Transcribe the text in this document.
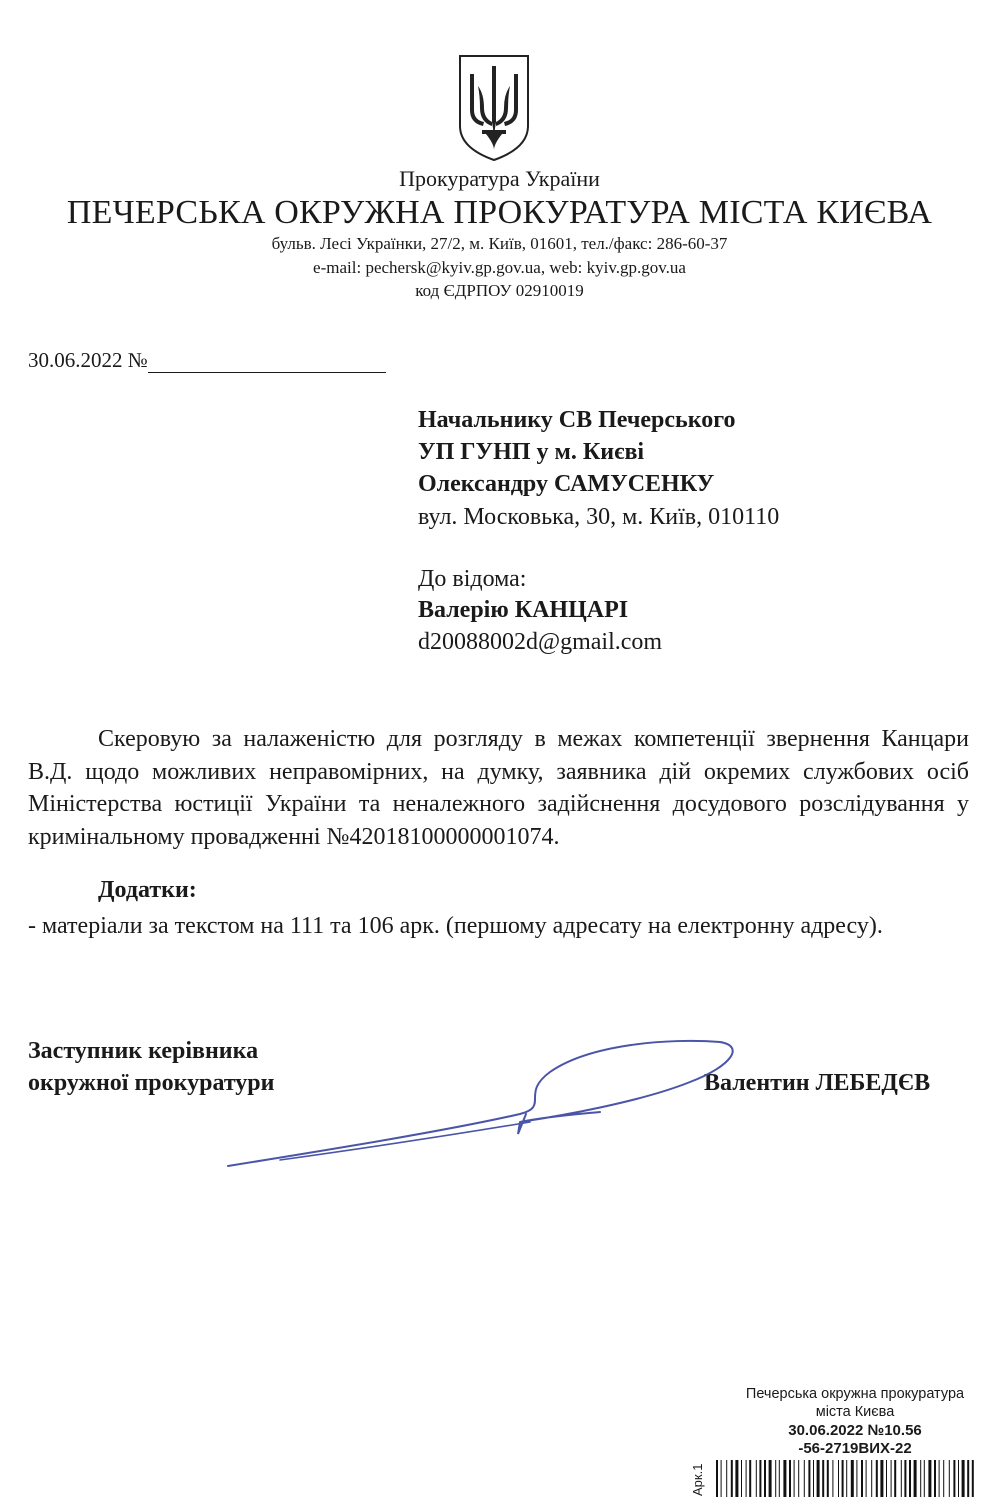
Прокуратура України
ПЕЧЕРСЬКА ОКРУЖНА ПРОКУРАТУРА МІСТА КИЄВА
бульв. Лесі Українки, 27/2, м. Київ, 01601, тел./факс: 286-60-37
e-mail: pechersk@kyiv.gp.gov.ua, web: kyiv.gp.gov.ua
код ЄДРПОУ 02910019
30.06.2022 №
Начальнику СВ Печерського
УП ГУНП у м. Києві
Олександру САМУСЕНКУ
вул. Московька, 30, м. Київ, 010110
До відома:
Валерію КАНЦАРІ
d20088002d@gmail.com

Скеровую за налаженістю для розгляду в межах компетенції звернення Канцари В.Д. щодо можливих неправомірних, на думку, заявника дій окремих службових осіб Міністерства юстиції України та неналежного задійснення досудового розслідування у кримінальному провадженні №42018100000001074.

Додатки:

- матеріали за текстом на 111 та 106 арк. (першому адресату на електронну адресу).

Заступник керівника
окружної прокуратури	Валентин ЛЕБЕДЄВ
Печерська окружна прокуратура
міста Києва
30.06.2022 №10.56
-56-2719ВИХ-22
Арк.1
